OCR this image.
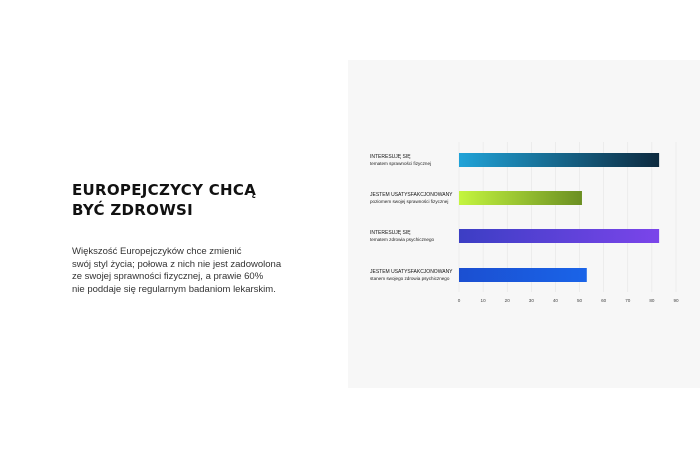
EUROPEJCZYCY CHCĄ
BYĆ ZDROWSI
Większość Europejczyków chce zmienić
swój styl życia; połowa z nich nie jest zadowolona
ze swojej sprawności fizycznej, a prawie 60%
nie poddaje się regularnym badaniom lekarskim.
INTERESUJĘ SIĘ
tematem sprawności fizycznej
JESTEM USATYSFAKCJONOWANY
poziomem swojej sprawności fizycznej
INTERESUJĘ SIĘ
tematem zdrowia psychicznego
JESTEM USATYSFAKCJONOWANY
stanem swojego zdrowia psychicznego
0	10	20	30	40	50	60	70	80	90
